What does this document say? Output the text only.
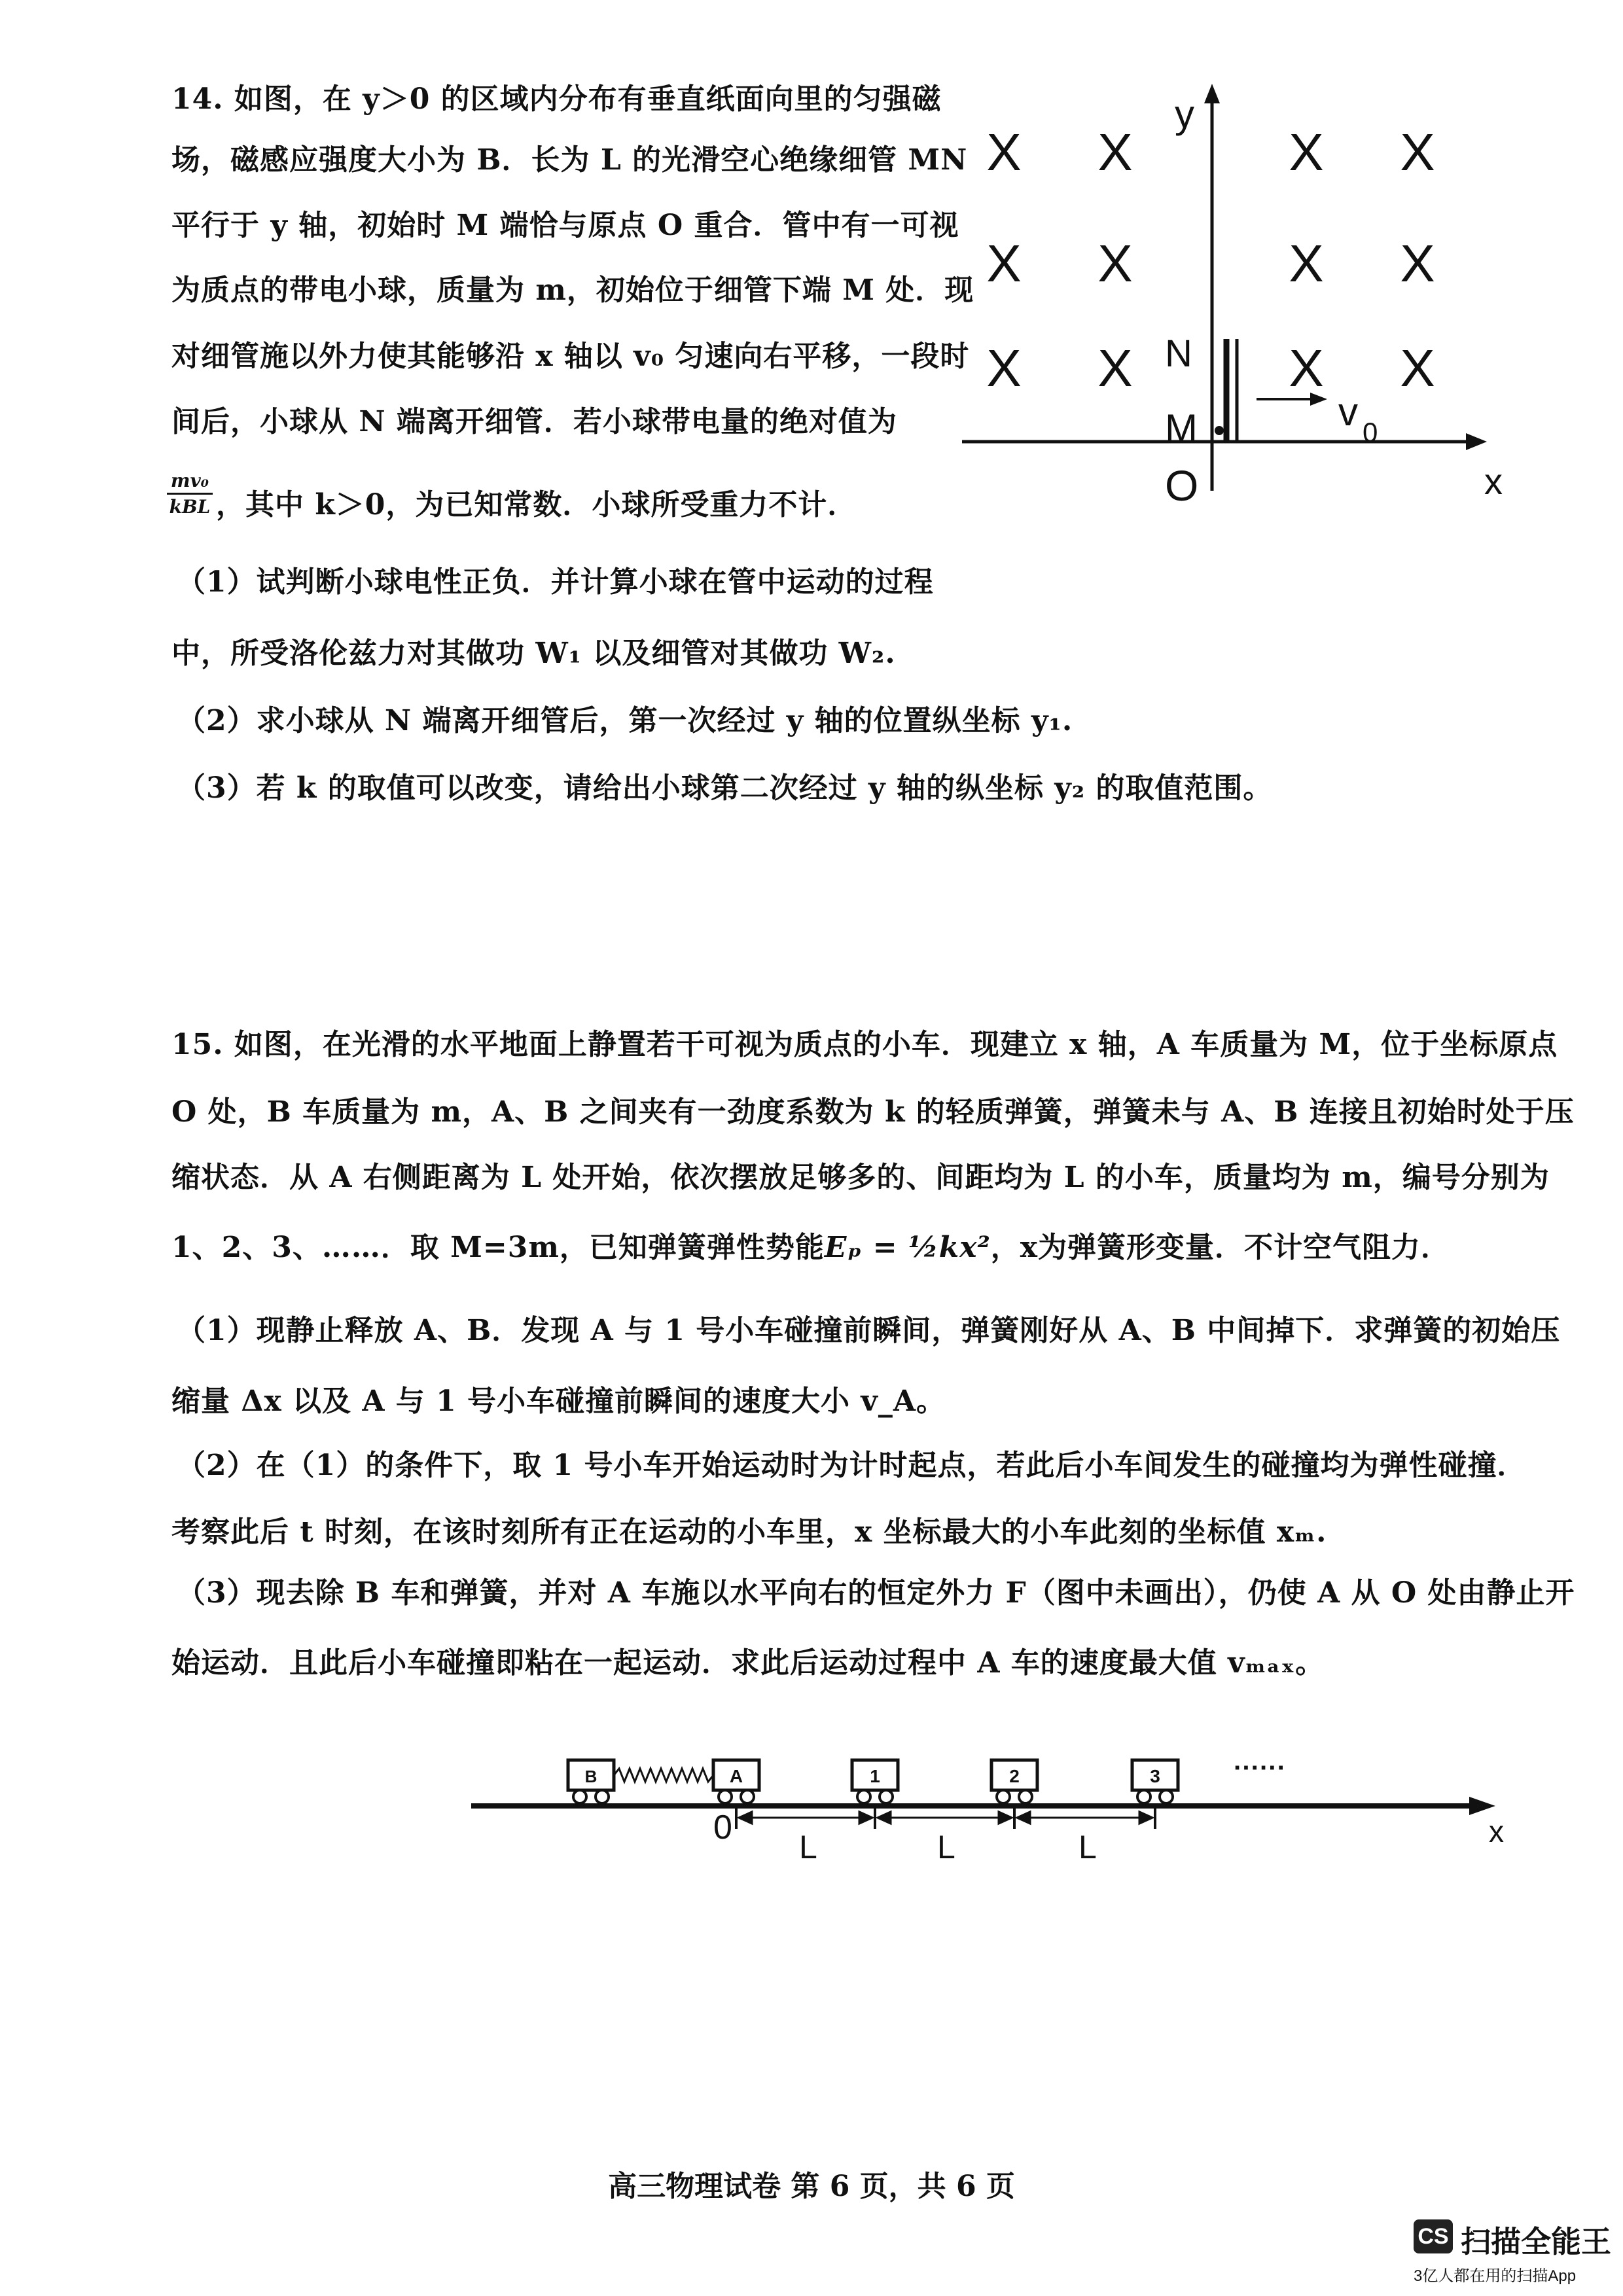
14. 如图，在 y＞0 的区域内分布有垂直纸面向里的匀强磁
场，磁感应强度大小为 B．长为 L 的光滑空心绝缘细管 MN
平行于 y 轴，初始时 M 端恰与原点 O 重合．管中有一可视
为质点的带电小球，质量为 m，初始位于细管下端 M 处．现
对细管施以外力使其能够沿 x 轴以 v₀ 匀速向右平移，一段时
间后，小球从 N 端离开细管．若小球带电量的绝对值为
mv₀
kBL ，其中 k＞0，为已知常数．小球所受重力不计．
（1）试判断小球电性正负．并计算小球在管中运动的过程
中，所受洛伦兹力对其做功 W₁ 以及细管对其做功 W₂.
（2）求小球从 N 端离开细管后，第一次经过 y 轴的位置纵坐标 y₁.
（3）若 k 的取值可以改变，请给出小球第二次经过 y 轴的纵坐标 y₂ 的取值范围。
X X	X X
X X	X X
X X	X X
y
x
O
N
M	v 0
15. 如图，在光滑的水平地面上静置若干可视为质点的小车．现建立 x 轴，A 车质量为 M，位于坐标原点
O 处，B 车质量为 m，A、B 之间夹有一劲度系数为 k 的轻质弹簧，弹簧未与 A、B 连接且初始时处于压
缩状态．从 A 右侧距离为 L 处开始，依次摆放足够多的、间距均为 L 的小车，质量均为 m，编号分别为
1、2、3、……．取 M=3m，已知弹簧弹性势能Eₚ = ½kx²，x为弹簧形变量．不计空气阻力．
（1）现静止释放 A、B．发现 A 与 1 号小车碰撞前瞬间，弹簧刚好从 A、B 中间掉下．求弹簧的初始压
缩量 Δx 以及 A 与 1 号小车碰撞前瞬间的速度大小 v_A。
（2）在（1）的条件下，取 1 号小车开始运动时为计时起点，若此后小车间发生的碰撞均为弹性碰撞．
考察此后 t 时刻，在该时刻所有正在运动的小车里，x 坐标最大的小车此刻的坐标值 xₘ.
（3）现去除 B 车和弹簧，并对 A 车施以水平向右的恒定外力 F（图中未画出），仍使 A 从 O 处由静止开
始运动．且此后小车碰撞即粘在一起运动．求此后运动过程中 A 车的速度最大值 vₘₐₓ。
x
B	A	1	2	3	······
0
L	L	L
高三物理试卷 第 6 页，共 6 页
CS 扫描全能王
3亿人都在用的扫描App
